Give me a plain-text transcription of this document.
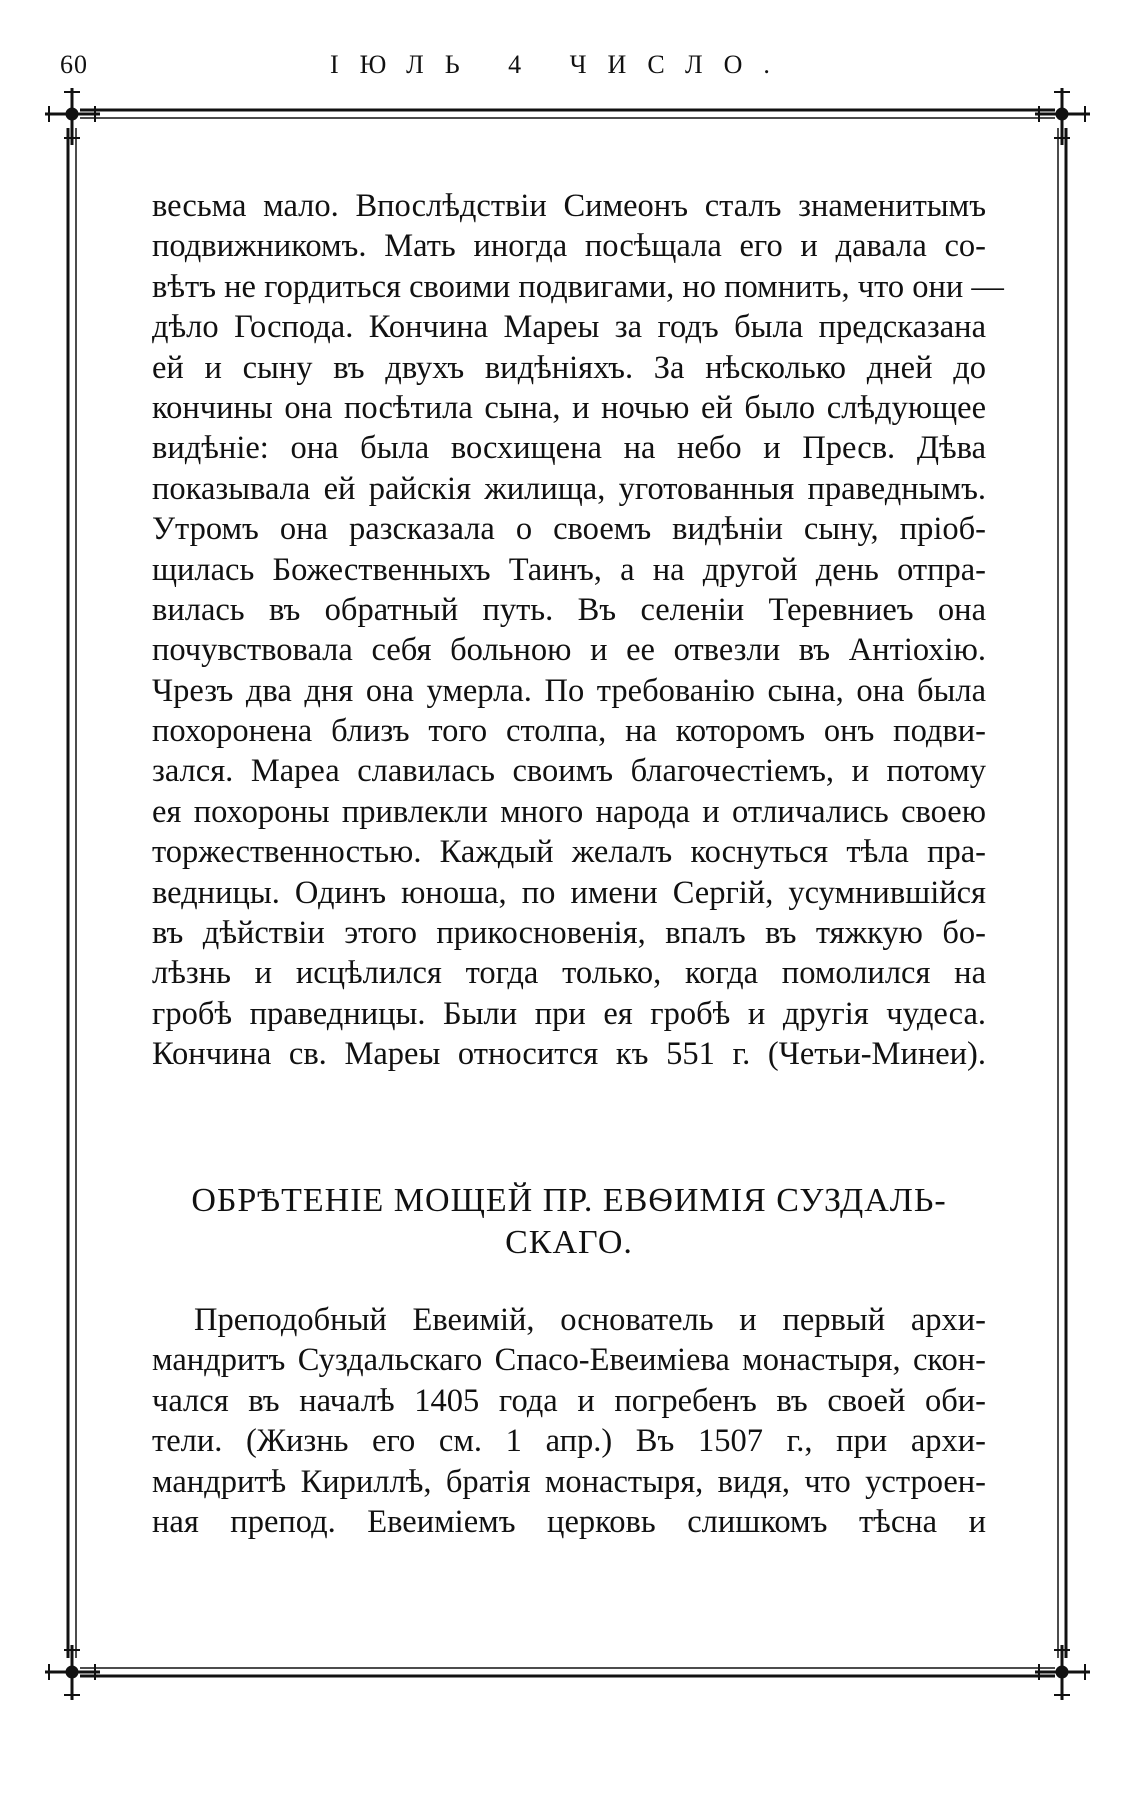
60	ІЮЛЬ 4 ЧИСЛО.
весьма мало. Впослѣдствіи Симеонъ сталъ знаменитымъ
подвижникомъ. Мать иногда посѣщала его и давала со-
вѣтъ не гордиться своими подвигами, но помнить, что они —
дѣло Господа. Кончина Мареы за годъ была предсказана
ей и сыну въ двухъ видѣніяхъ. За нѣсколько дней до
кончины она посѣтила сына, и ночью ей было слѣдующее
видѣніе: она была восхищена на небо и Пресв. Дѣва
показывала ей райскія жилища, уготованныя праведнымъ.
Утромъ она разсказала о своемъ видѣніи сыну, пріоб-
щилась Божественныхъ Таинъ, а на другой день отпра-
вилась въ обратный путь. Въ селеніи Теревниеъ она
почувствовала себя больною и ее отвезли въ Антіохію.
Чрезъ два дня она умерла. По требованію сына, она была
похоронена близъ того столпа, на которомъ онъ подви-
зался. Мареа славилась своимъ благочестіемъ, и потому
ея похороны привлекли много народа и отличались своею
торжественностью. Каждый желалъ коснуться тѣла пра-
ведницы. Одинъ юноша, по имени Сергій, усумнившійся
въ дѣйствіи этого прикосновенія, впалъ въ тяжкую бо-
лѣзнь и исцѣлился тогда только, когда помолился на
гробѣ праведницы. Были при ея гробѣ и другія чудеса.
Кончина св. Мареы относится къ 551 г. (Четьи-Минеи).
ОБРѢТЕНІЕ МОЩЕЙ ПР. ЕВѲИМІЯ СУЗДАЛЬ-
СКАГО.
Преподобный Евеимій, основатель и первый архи-
мандритъ Суздальскаго Спасо-Евеиміева монастыря, скон-
чался въ началѣ 1405 года и погребенъ въ своей оби-
тели. (Жизнь его см. 1 апр.) Въ 1507 г., при архи-
мандритѣ Кириллѣ, братія монастыря, видя, что устроен-
ная препод. Евеиміемъ церковь слишкомъ тѣсна и
